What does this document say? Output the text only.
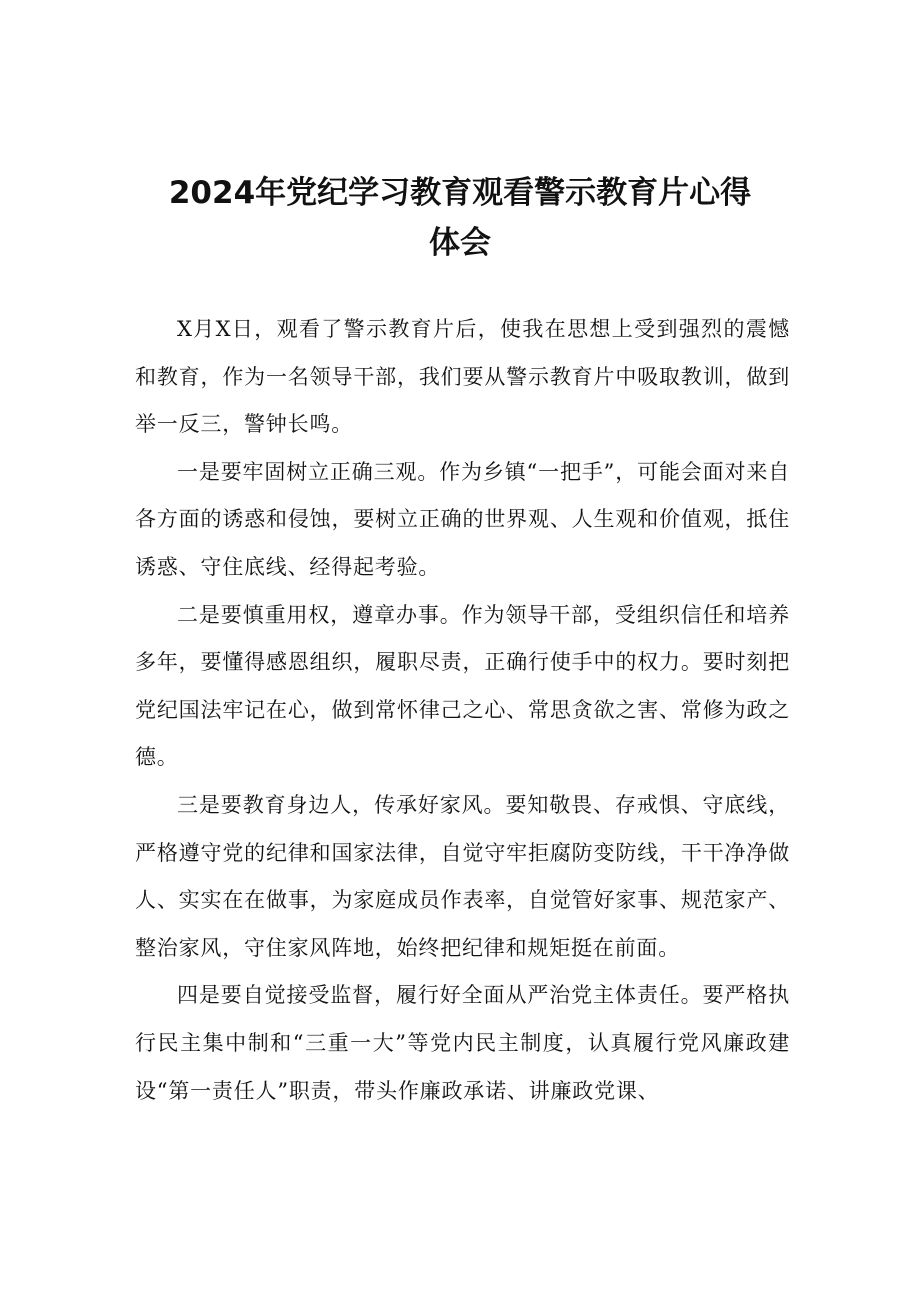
2024年党纪学习教育观看警示教育片心得
体会

X月X日，观看了警示教育片后，使我在思想上受到强烈的震憾和教育，作为一名领导干部，我们要从警示教育片中吸取教训，做到举一反三，警钟长鸣。

一是要牢固树立正确三观。作为乡镇“一把手”，可能会面对来自各方面的诱惑和侵蚀，要树立正确的世界观、人生观和价值观，抵住诱惑、守住底线、经得起考验。

二是要慎重用权，遵章办事。作为领导干部，受组织信任和培养多年，要懂得感恩组织，履职尽责，正确行使手中的权力。要时刻把党纪国法牢记在心，做到常怀律己之心、常思贪欲之害、常修为政之德。

三是要教育身边人，传承好家风。要知敬畏、存戒惧、守底线，严格遵守党的纪律和国家法律，自觉守牢拒腐防变防线，干干净净做人、实实在在做事，为家庭成员作表率，自觉管好家事、规范家产、整治家风，守住家风阵地，始终把纪律和规矩挺在前面。

四是要自觉接受监督，履行好全面从严治党主体责任。要严格执行民主集中制和“三重一大”等党内民主制度，认真履行党风廉政建设“第一责任人”职责，带头作廉政承诺、讲廉政党课、
